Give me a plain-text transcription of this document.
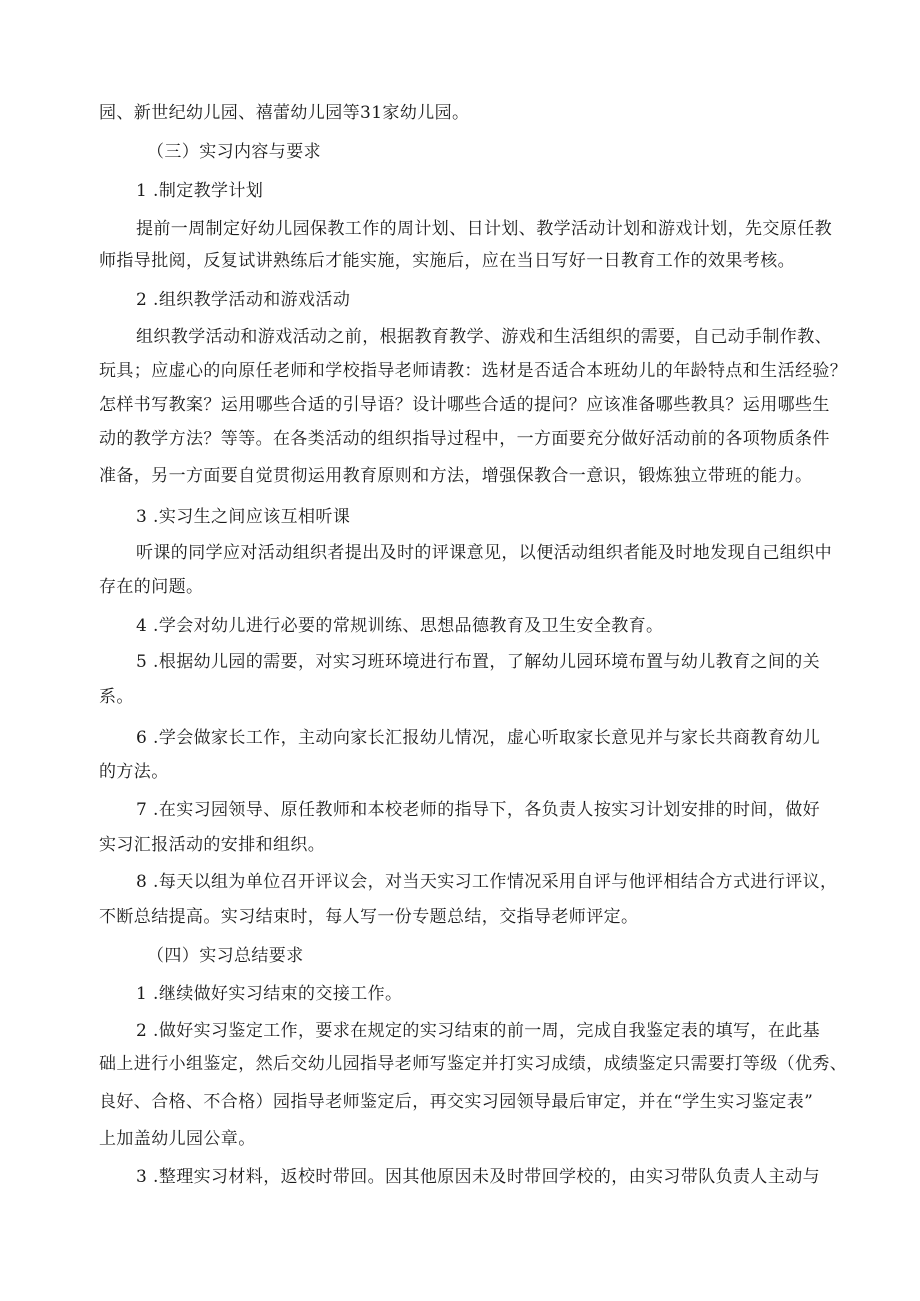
园、新世纪幼儿园、禧蕾幼儿园等31家幼儿园。
（三）实习内容与要求
1 .制定教学计划
提前一周制定好幼儿园保教工作的周计划、日计划、教学活动计划和游戏计划，先交原任教
师指导批阅，反复试讲熟练后才能实施，实施后，应在当日写好一日教育工作的效果考核。
2 .组织教学活动和游戏活动
组织教学活动和游戏活动之前，根据教育教学、游戏和生活组织的需要，自己动手制作教、
玩具；应虚心的向原任老师和学校指导老师请教：选材是否适合本班幼儿的年龄特点和生活经验？
怎样书写教案？运用哪些合适的引导语？设计哪些合适的提问？应该准备哪些教具？运用哪些生
动的教学方法？等等。在各类活动的组织指导过程中，一方面要充分做好活动前的各项物质条件
准备，另一方面要自觉贯彻运用教育原则和方法，增强保教合一意识，锻炼独立带班的能力。
3 .实习生之间应该互相听课
听课的同学应对活动组织者提出及时的评课意见，以便活动组织者能及时地发现自己组织中
存在的问题。
4 .学会对幼儿进行必要的常规训练、思想品德教育及卫生安全教育。
5 .根据幼儿园的需要，对实习班环境进行布置，了解幼儿园环境布置与幼儿教育之间的关
系。
6 .学会做家长工作，主动向家长汇报幼儿情况，虚心听取家长意见并与家长共商教育幼儿
的方法。
7 .在实习园领导、原任教师和本校老师的指导下，各负责人按实习计划安排的时间，做好
实习汇报活动的安排和组织。
8 .每天以组为单位召开评议会，对当天实习工作情况采用自评与他评相结合方式进行评议，
不断总结提高。实习结束时，每人写一份专题总结，交指导老师评定。
（四）实习总结要求
1 .继续做好实习结束的交接工作。
2 .做好实习鉴定工作，要求在规定的实习结束的前一周，完成自我鉴定表的填写，在此基
础上进行小组鉴定，然后交幼儿园指导老师写鉴定并打实习成绩，成绩鉴定只需要打等级（优秀、
良好、合格、不合格）园指导老师鉴定后，再交实习园领导最后审定，并在“学生实习鉴定表”
上加盖幼儿园公章。
3 .整理实习材料，返校时带回。因其他原因未及时带回学校的，由实习带队负责人主动与
